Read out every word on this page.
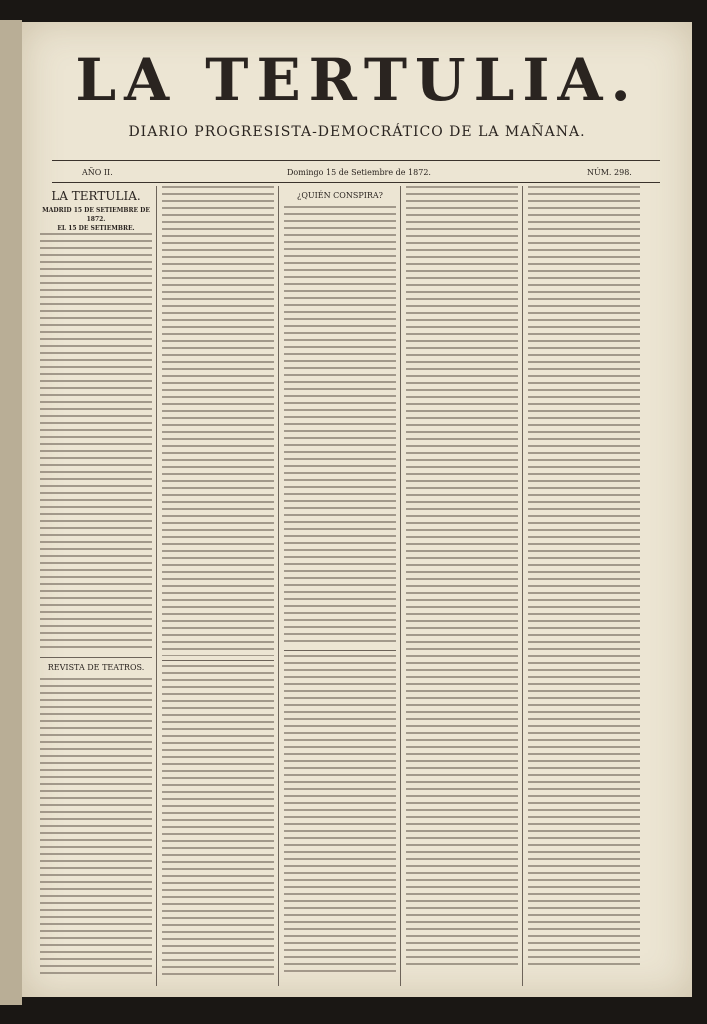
LA TERTULIA.
DIARIO PROGRESISTA-DEMOCRÁTICO DE LA MAÑANA.
AÑO II.	Domingo 15 de Setiembre de 1872.	NÚM. 298.
LA TERTULIA.
MADRID 15 DE SETIEMBRE DE 1872.
EL 15 DE SETIEMBRE.
REVISTA DE TEATROS.
¿QUIÉN CONSPIRA?
